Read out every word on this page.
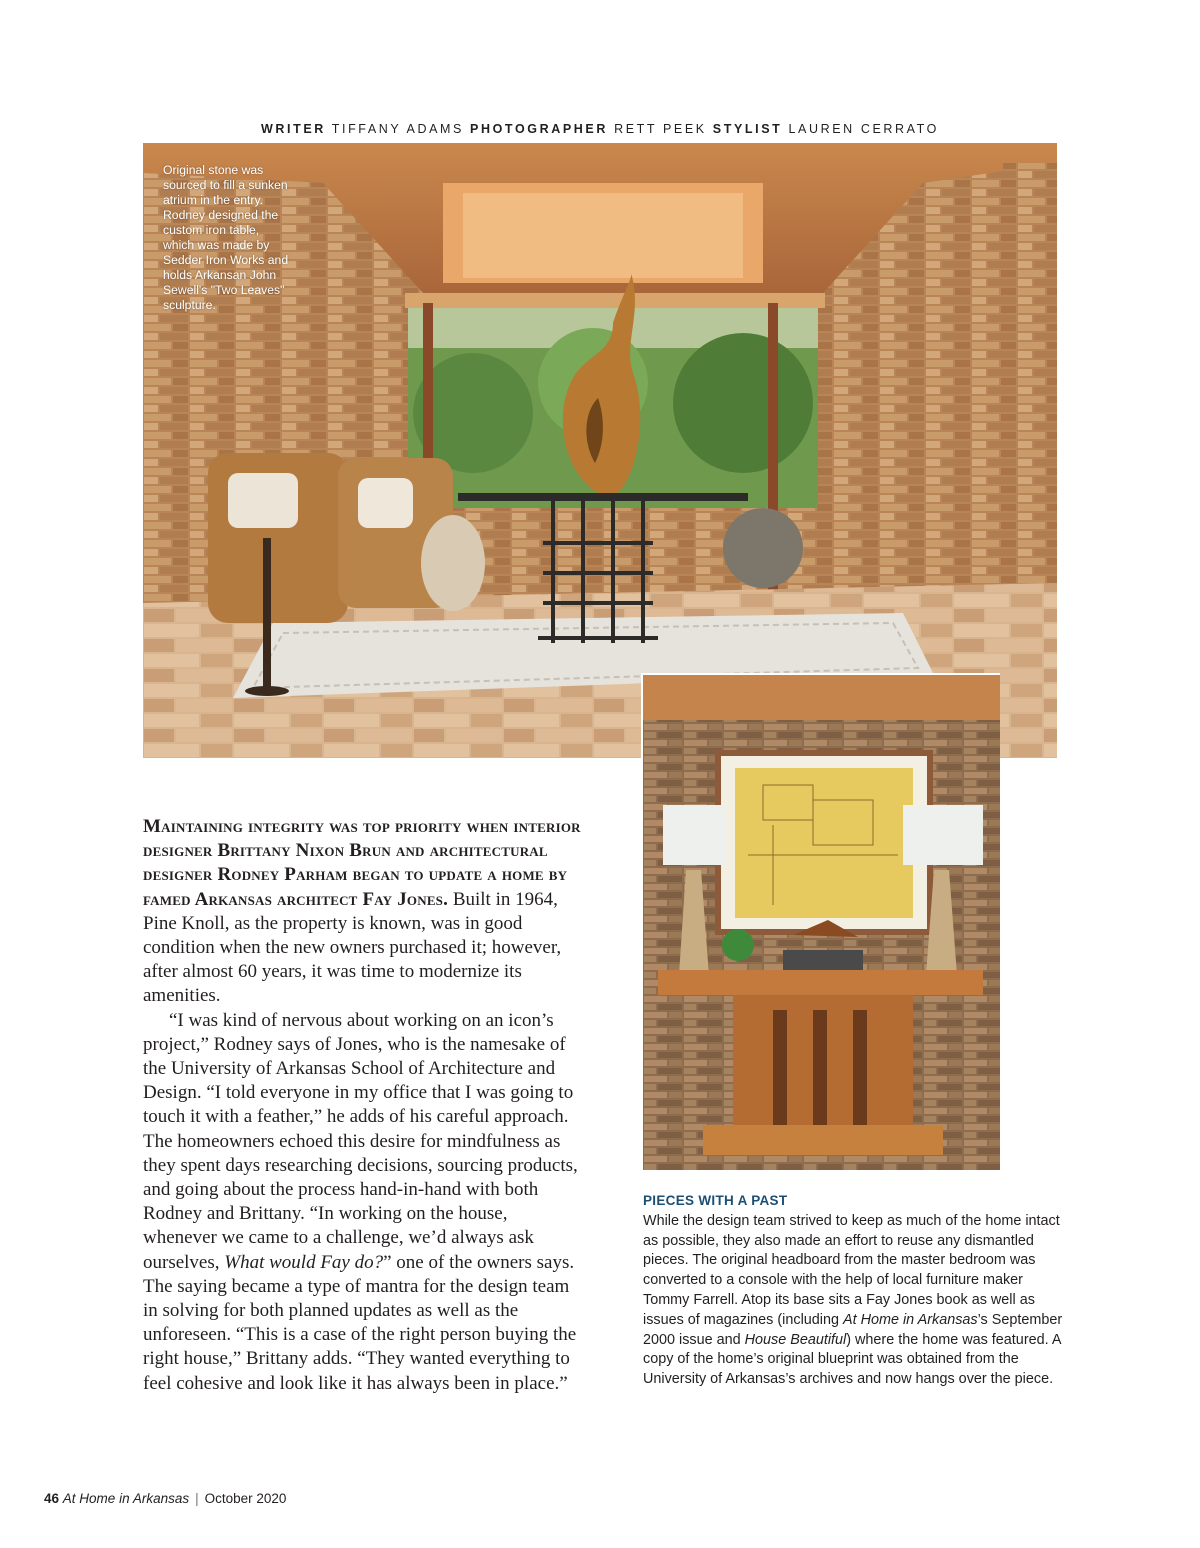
WRITER TIFFANY ADAMS PHOTOGRAPHER RETT PEEK STYLIST LAUREN CERRATO
Original stone was sourced to fill a sunken atrium in the entry. Rodney designed the custom iron table, which was made by Sedder Iron Works and holds Arkansan John Sewell's "Two Leaves" sculpture.

Maintaining integrity was top priority when interior designer Brittany Nixon Brun and architectural designer Rodney Parham began to update a home by famed Arkansas architect Fay Jones. Built in 1964, Pine Knoll, as the property is known, was in good condition when the new owners purchased it; however, after almost 60 years, it was time to modernize its amenities.

“I was kind of nervous about working on an icon’s project,” Rodney says of Jones, who is the namesake of the University of Arkansas School of Architecture and Design. “I told everyone in my office that I was going to touch it with a feather,” he adds of his careful approach. The homeowners echoed this desire for mindfulness as they spent days researching decisions, sourcing products, and going about the process hand-in-hand with both Rodney and Brittany. “In working on the house, whenever we came to a challenge, we’d always ask ourselves, What would Fay do?” one of the owners says. The saying became a type of mantra for the design team in solving for both planned updates as well as the unforeseen. “This is a case of the right person buying the right house,” Brittany adds. “They wanted everything to feel cohesive and look like it has always been in place.”

PIECES WITH A PAST

While the design team strived to keep as much of the home intact as possible, they also made an effort to reuse any dismantled pieces. The original headboard from the master bedroom was converted to a console with the help of local furniture maker Tommy Farrell. Atop its base sits a Fay Jones book as well as issues of magazines (including At Home in Arkansas’s September 2000 issue and House Beautiful) where the home was featured. A copy of the home’s original blueprint was obtained from the University of Arkansas’s archives and now hangs over the piece.

46 At Home in Arkansas | October 2020
